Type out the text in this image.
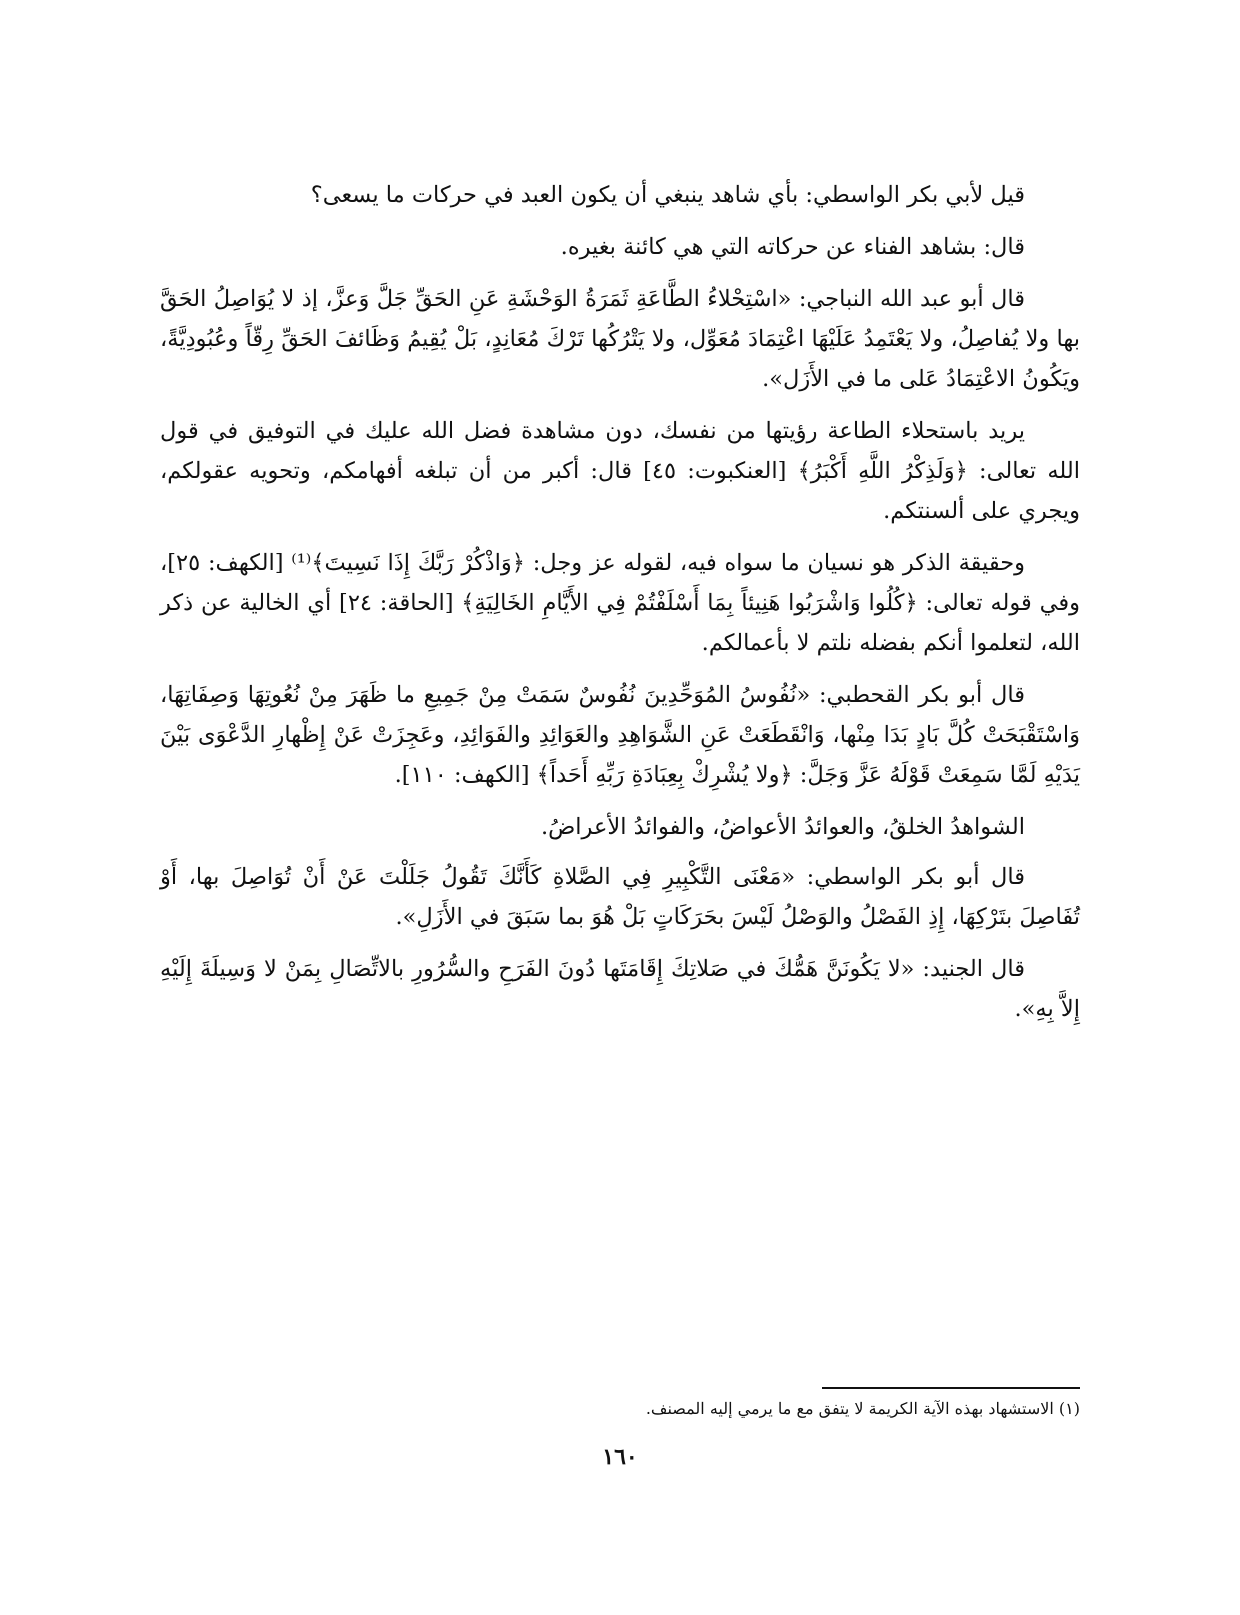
قيل لأبي بكر الواسطي: بأي شاهد ينبغي أن يكون العبد في حركات ما يسعى؟

قال: بشاهد الفناء عن حركاته التي هي كائنة بغيره.

قال أبو عبد الله النباجي: «اسْتِحْلاءُ الطَّاعَةِ ثَمَرَةُ الوَحْشَةِ عَنِ الحَقِّ جَلَّ وَعزَّ، إذ لا يُوَاصِلُ الحَقَّ بها ولا يُفاصِلُ، ولا يَعْتَمِدُ عَلَيْهَا اعْتِمَادَ مُعَوِّل، ولا يَتْرُكُها تَرْكَ مُعَانِدٍ، بَلْ يُقِيمُ وَظَائفَ الحَقِّ رِقّاً وعُبُودِيَّةً، ويَكُونُ الاعْتِمَادُ عَلى ما في الأَزَل».

يريد باستحلاء الطاعة رؤيتها من نفسك، دون مشاهدة فضل الله عليك في التوفيق في قول الله تعالى: ﴿وَلَذِكْرُ اللَّهِ أَكْبَرُ﴾ [العنكبوت: ٤٥] قال: أكبر من أن تبلغه أفهامكم، وتحويه عقولكم، ويجري على ألسنتكم.

وحقيقة الذكر هو نسيان ما سواه فيه، لقوله عز وجل: ﴿وَاذْكُرْ رَبَّكَ إِذَا نَسِيتَ﴾⁽¹⁾ [الكهف: ٢٥]، وفي قوله تعالى: ﴿كُلُوا وَاشْرَبُوا هَنِيئاً بِمَا أَسْلَفْتُمْ فِي الأَيَّامِ الخَالِيَةِ﴾ [الحاقة: ٢٤] أي الخالية عن ذكر الله، لتعلموا أنكم بفضله نلتم لا بأعمالكم.

قال أبو بكر القحطبي: «نُفُوسُ المُوَحِّدِينَ نُفُوسٌ سَمَتْ مِنْ جَمِيعِ ما ظَهَرَ مِنْ نُعُوتِهَا وَصِفَاتِهَا، وَاسْتَقْبَحَتْ كُلَّ بَادٍ بَدَا مِنْها، وَانْقَطَعَتْ عَنِ الشَّوَاهِدِ والعَوَائِدِ والفَوَائِدِ، وعَجِزَتْ عَنْ إِظْهارِ الدَّعْوَى بَيْنَ يَدَيْهِ لَمَّا سَمِعَتْ قَوْلَهُ عَزَّ وَجَلَّ: ﴿ولا يُشْرِكْ بِعِبَادَةِ رَبِّهِ أَحَداً﴾ [الكهف: ١١٠].

الشواهدُ الخلقُ، والعوائدُ الأعواضُ، والفوائدُ الأعراضُ.

قال أبو بكر الواسطي: «مَعْنَى التَّكْبِيرِ فِي الصَّلاةِ كَأَنَّكَ تَقُولُ جَلَلْتَ عَنْ أَنْ تُوَاصِلَ بها، أَوْ تُفَاصِلَ بتَرْكِهَا، إِذِ الفَصْلُ والوَصْلُ لَيْسَ بحَرَكَاتٍ بَلْ هُوَ بما سَبَقَ في الأَزَلِ».

قال الجنيد: «لا يَكُونَنَّ هَمُّكَ في صَلاتِكَ إِقَامَتَها دُونَ الفَرَحِ والسُّرُورِ بالاتِّصَالِ بِمَنْ لا وَسِيلَةَ إِلَيْهِ إِلاَّ بِهِ».

(١) الاستشهاد بهذه الآية الكريمة لا يتفق مع ما يرمي إليه المصنف.
١٦٠
